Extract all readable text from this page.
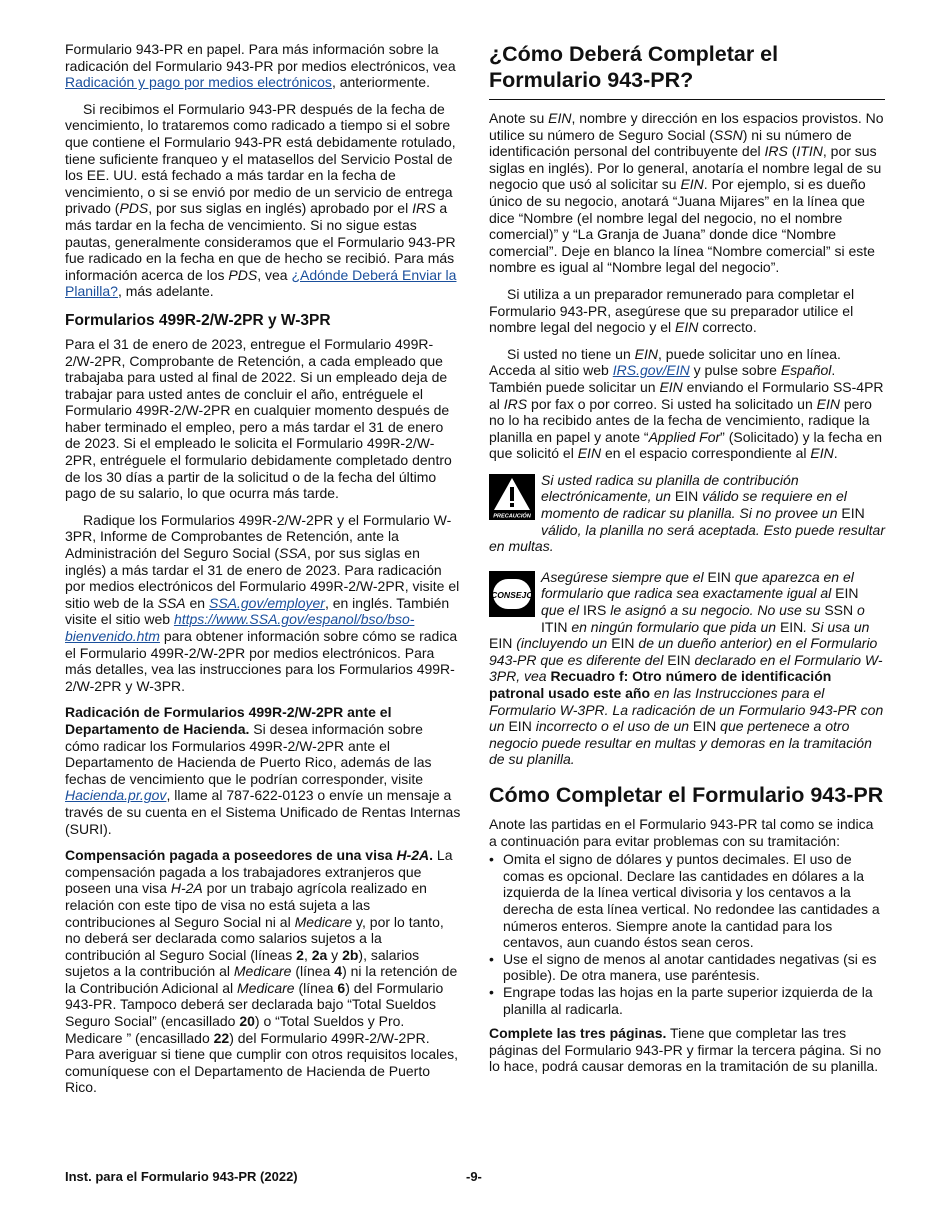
Formulario 943-PR en papel. Para más información sobre la radicación del Formulario 943-PR por medios electrónicos, vea Radicación y pago por medios electrónicos, anteriormente.

Si recibimos el Formulario 943-PR después de la fecha de vencimiento, lo trataremos como radicado a tiempo si el sobre que contiene el Formulario 943-PR está debidamente rotulado, tiene suficiente franqueo y el matasellos del Servicio Postal de los EE. UU. está fechado a más tardar en la fecha de vencimiento, o si se envió por medio de un servicio de entrega privado (PDS, por sus siglas en inglés) aprobado por el IRS a más tardar en la fecha de vencimiento. Si no sigue estas pautas, generalmente consideramos que el Formulario 943-PR fue radicado en la fecha en que de hecho se recibió. Para más información acerca de los PDS, vea ¿Adónde Deberá Enviar la Planilla?, más adelante.

Formularios 499R-2/W-2PR y W-3PR

Para el 31 de enero de 2023, entregue el Formulario 499R-2/W-2PR, Comprobante de Retención, a cada empleado que trabajaba para usted al final de 2022. Si un empleado deja de trabajar para usted antes de concluir el año, entréguele el Formulario 499R-2/W-2PR en cualquier momento después de haber terminado el empleo, pero a más tardar el 31 de enero de 2023. Si el empleado le solicita el Formulario 499R-2/W-2PR, entréguele el formulario debidamente completado dentro de los 30 días a partir de la solicitud o de la fecha del último pago de su salario, lo que ocurra más tarde.

Radique los Formularios 499R-2/W-2PR y el Formulario W-3PR, Informe de Comprobantes de Retención, ante la Administración del Seguro Social (SSA, por sus siglas en inglés) a más tardar el 31 de enero de 2023. Para radicación por medios electrónicos del Formulario 499R-2/W-2PR, visite el sitio web de la SSA en SSA.gov/employer, en inglés. También visite el sitio web https://www.SSA.gov/espanol/bso/bso-bienvenido.htm para obtener información sobre cómo se radica el Formulario 499R-2/W-2PR por medios electrónicos. Para más detalles, vea las instrucciones para los Formularios 499R-2/W-2PR y W-3PR.

Radicación de Formularios 499R-2/W-2PR ante el Departamento de Hacienda. Si desea información sobre cómo radicar los Formularios 499R-2/W-2PR ante el Departamento de Hacienda de Puerto Rico, además de las fechas de vencimiento que le podrían corresponder, visite Hacienda.pr.gov, llame al 787-622-0123 o envíe un mensaje a través de su cuenta en el Sistema Unificado de Rentas Internas (SURI).

Compensación pagada a poseedores de una visa H-2A. La compensación pagada a los trabajadores extranjeros que poseen una visa H-2A por un trabajo agrícola realizado en relación con este tipo de visa no está sujeta a las contribuciones al Seguro Social ni al Medicare y, por lo tanto, no deberá ser declarada como salarios sujetos a la contribución al Seguro Social (líneas 2, 2a y 2b), salarios sujetos a la contribución al Medicare (línea 4) ni la retención de la Contribución Adicional al Medicare (línea 6) del Formulario 943-PR. Tampoco deberá ser declarada bajo “Total Sueldos Seguro Social” (encasillado 20) o “Total Sueldos y Pro. Medicare ” (encasillado 22) del Formulario 499R-2/W-2PR. Para averiguar si tiene que cumplir con otros requisitos locales, comuníquese con el Departamento de Hacienda de Puerto Rico.

¿Cómo Deberá Completar el Formulario 943-PR?

Anote su EIN, nombre y dirección en los espacios provistos. No utilice su número de Seguro Social (SSN) ni su número de identificación personal del contribuyente del IRS (ITIN, por sus siglas en inglés). Por lo general, anotaría el nombre legal de su negocio que usó al solicitar su EIN. Por ejemplo, si es dueño único de su negocio, anotará “Juana Mijares” en la línea que dice “Nombre (el nombre legal del negocio, no el nombre comercial)” y “La Granja de Juana” donde dice “Nombre comercial”. Deje en blanco la línea “Nombre comercial” si este nombre es igual al “Nombre legal del negocio”.

Si utiliza a un preparador remunerado para completar el Formulario 943-PR, asegúrese que su preparador utilice el nombre legal del negocio y el EIN correcto.

Si usted no tiene un EIN, puede solicitar uno en línea. Acceda al sitio web IRS.gov/EIN y pulse sobre Español. También puede solicitar un EIN enviando el Formulario SS-4PR al IRS por fax o por correo. Si usted ha solicitado un EIN pero no lo ha recibido antes de la fecha de vencimiento, radique la planilla en papel y anote “Applied For” (Solicitado) y la fecha en que solicitó el EIN en el espacio correspondiente al EIN.

PRECAUCIÓN
Si usted radica su planilla de contribución electrónicamente, un EIN válido se requiere en el momento de radicar su planilla. Si no provee un EIN válido, la planilla no será aceptada. Esto puede resultar en multas.
CONSEJO
Asegúrese siempre que el EIN que aparezca en el formulario que radica sea exactamente igual al EIN que el IRS le asignó a su negocio. No use su SSN o ITIN en ningún formulario que pida un EIN. Si usa un EIN (incluyendo un EIN de un dueño anterior) en el Formulario 943-PR que es diferente del EIN declarado en el Formulario W-3PR, vea Recuadro f: Otro número de identificación patronal usado este año en las Instrucciones para el Formulario W-3PR. La radicación de un Formulario 943-PR con un EIN incorrecto o el uso de un EIN que pertenece a otro negocio puede resultar en multas y demoras en la tramitación de su planilla.
Cómo Completar el Formulario 943-PR

Anote las partidas en el Formulario 943-PR tal como se indica a continuación para evitar problemas con su tramitación:

• Omita el signo de dólares y puntos decimales. El uso de comas es opcional. Declare las cantidades en dólares a la izquierda de la línea vertical divisoria y los centavos a la derecha de esta línea vertical. No redondee las cantidades a números enteros. Siempre anote la cantidad para los centavos, aun cuando éstos sean ceros.
• Use el signo de menos al anotar cantidades negativas (si es posible). De otra manera, use paréntesis.
• Engrape todas las hojas en la parte superior izquierda de la planilla al radicarla.

Complete las tres páginas. Tiene que completar las tres páginas del Formulario 943-PR y firmar la tercera página. Si no lo hace, podrá causar demoras en la tramitación de su planilla.

Inst. para el Formulario 943-PR (2022)	-9-
